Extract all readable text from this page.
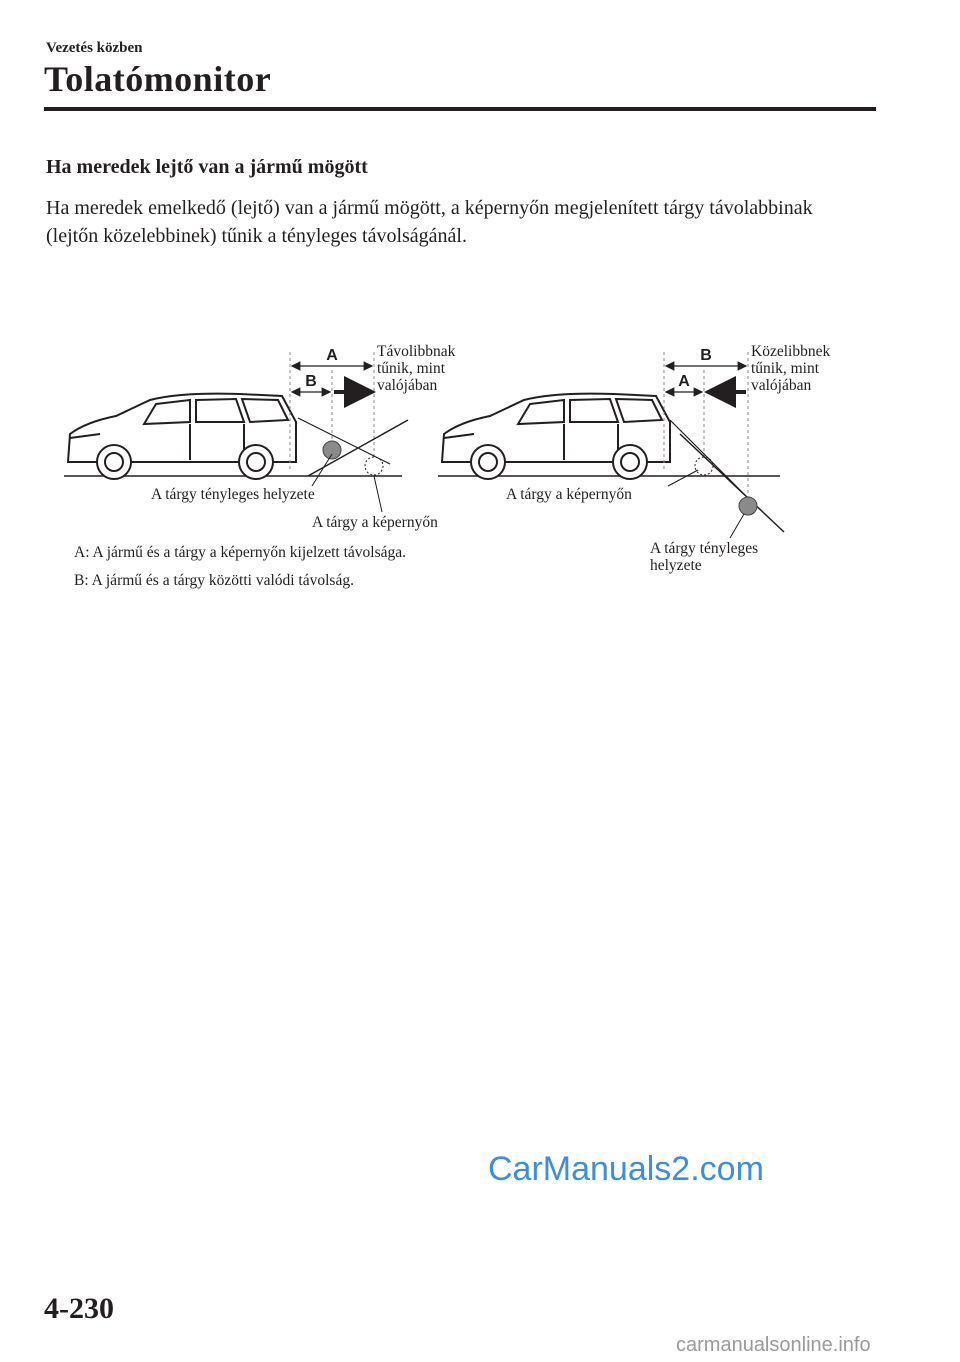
Vezetés közben
Tolatómonitor
Ha meredek lejtő van a jármű mögött
Ha meredek emelkedő (lejtő) van a jármű mögött, a képernyőn megjelenített tárgy távolabbinak (lejtőn közelebbinek) tűnik a tényleges távolságánál.
A
B
B
A
Távolibbnak
tűnik, mint
valójában
Közelibbnek
tűnik, mint
valójában
A tárgy tényleges helyzete
A tárgy a képernyőn
A tárgy a képernyőn
A tárgy tényleges
helyzete
A: A jármű és a tárgy a képernyőn kijelzett távolsága.
B: A jármű és a tárgy közötti valódi távolság.
CarManuals2.com
4-230
carmanualsonline.info
